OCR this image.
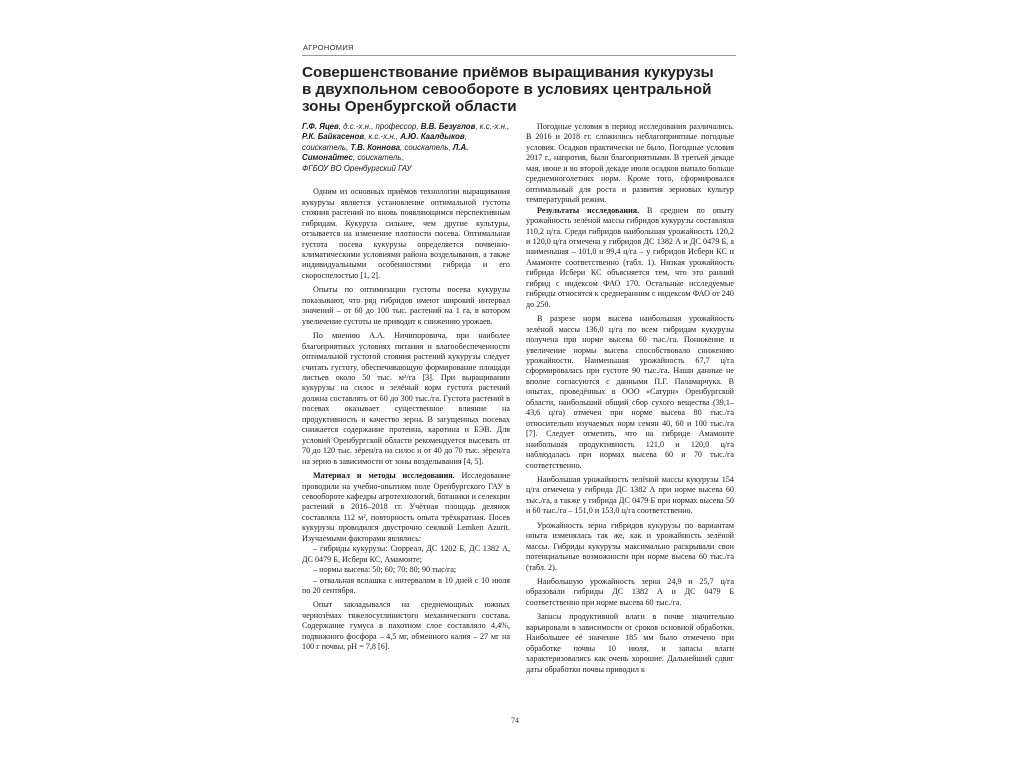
АГРОНОМИЯ
Совершенствование приёмов выращивания кукурузы в двухпольном севообороте в условиях центральной зоны Оренбургской области
Г.Ф. Яцев, д.с.-х.н., профессор, В.В. Безуглов, к.с.-х.н., Р.К. Байкасенов, к.с.-х.н., А.Ю. Каалдыков, соискатель, Т.В. Коннова, соискатель, Л.А. Симонайтес, соискатель,
ФГБОУ ВО Оренбургский ГАУ

Одним из основных приёмов технологии выращивания кукурузы является установление оптимальной густоты стояния растений по вновь появляющимся перспективным гибридам. Кукуруза сильнее, чем другие культуры, отзывается на изменение плотности посева. Оптимальная густота посева кукурузы определяется почвенно-климатическими условиями района возделывания, а также индивидуальными особенностями гибрида и его скороспелостью [1, 2].

Опыты по оптимизации густоты посева кукурузы показывают, что ряд гибридов имеют широкий интервал значений – от 60 до 100 тыс. растений на 1 га, в котором увеличение густоты не приводит к снижению урожаев.

По мнению А.А. Ничипоровича, при наиболее благоприятных условиях питания и влагообеспеченности оптимальной густотой стояния растений кукурузы следует считать густоту, обеспечивающую формирование площади листьев около 50 тыс. м²/га [3]. При выращивании кукурузы на силос и зелёный корм густота растений должна составлять от 60 до 300 тыс./га. Густота растений в посевах оказывает существенное влияние на продуктивность и качество зерна. В загущенных посевах снижается содержание протеина, каротина и БЭВ. Для условий Оренбургской области рекомендуется высевать от 70 до 120 тыс. зёрен/га на силос и от 40 до 70 тыс. зёрен/га на зерно в зависимости от зоны возделывания [4, 5].

Материал и методы исследования. Исследование проводили на учебно-опытном поле Оренбургского ГАУ в севообороте кафедры агротехнологий, ботаники и селекции растений в 2016–2018 гг. Учётная площадь делянок составляла 112 м², повторность опыта трёхкратная. Посев кукурузы проводился двустрочно сеялкой Lemken Azurit. Изучаемыми факторами являлись:

– гибриды кукурузы: Сюрреал, ДС 1202 Б, ДС 1382 А, ДС 0479 Б, Исбери КС, Амамонте;
– нормы высева: 50; 60; 70; 80; 90 тыс/га;
– отвальная вспашка с интервалом в 10 дней с 10 июля по 20 сентября.

Опыт закладывался на среднемощных южных чернозёмах тяжелосуглинистого механического состава. Содержание гумуса в пахотном слое составляло 4,4%, подвижного фосфора – 4,5 мг, обменного калия – 27 мг на 100 г почвы, рН = 7,8 [6].

Погодные условия в период исследования различались. В 2016 и 2018 гг. сложились неблагоприятные погодные условия. Осадков практически не было. Погодные условия 2017 г., напротив, были благоприятными. В третьей декаде мая, июне и во второй декаде июля осадков выпало больше среднемноголетних норм. Кроме того, сформировался оптимальный для роста и развития зерновых культур температурный режим.

Результаты исследования. В среднем по опыту урожайность зелёной массы гибридов кукурузы составляла 110,2 ц/га. Среди гибридов наибольшая урожайность 120,2 и 120,0 ц/га отмечена у гибридов ДС 1382 А и ДС 0479 Б, а наименьшая – 101,0 и 99,4 ц/га – у гибридов Исбери КС и Амамонте соответственно (табл. 1). Низкая урожайность гибрида Исбери КС объясняется тем, что это ранний гибрид с индексом ФАО 170. Остальные исследуемые гибриды относятся к среднеранним с индексом ФАО от 240 до 250.

В разрезе норм высева наибольшая урожайность зелёной массы 136,0 ц/га по всем гибридам кукурузы получена при норме высева 60 тыс./га. Понижение и увеличение нормы высева способствовало снижению урожайности. Наименьшая урожайность 67,7 ц/га сформировалась при густоте 90 тыс./га. Наши данные не вполне согласуются с данными П.Г. Паламарчука. В опытах, проведённых в ООО «Сатурн» Оренбургской области, наибольший общий сбор сухого вещества (39,1–43,6 ц/га) отмечен при норме высева 80 тыс./га относительно изучаемых норм семян 40, 60 и 100 тыс./га [7]. Следует отметить, что на гибриде Амамонте наибольшая продуктивность 121,0 и 120,0 ц/га наблюдалась при нормах высева 60 и 70 тыс./га соответственно.

Наибольшая урожайность зелёной массы кукурузы 154 ц/га отмечена у гибрида ДС 1382 А при норме высева 60 тыс./га, а также у гибрида ДС 0479 Б при нормах высева 50 и 60 тыс./га – 151,0 и 153,0 ц/га соответственно.

Урожайность зерна гибридов кукурузы по вариантам опыта изменялась так же, как и урожайность зелёной массы. Гибриды кукурузы максимально раскрывали свои потенциальные возможности при норме высева 60 тыс./га (табл. 2).

Наибольшую урожайность зерна 24,9 и 25,7 ц/га образовали гибриды ДС 1382 А и ДС 0479 Б соответственно при норме высева 60 тыс./га.

Запасы продуктивной влаги в почве значительно варьировали в зависимости от сроков основной обработки. Наибольшее её значение 185 мм было отмечено при обработке почвы 10 июля, и запасы влаги характеризовались как очень хорошие. Дальнейший сдвиг даты обработки почвы приводил к

74
